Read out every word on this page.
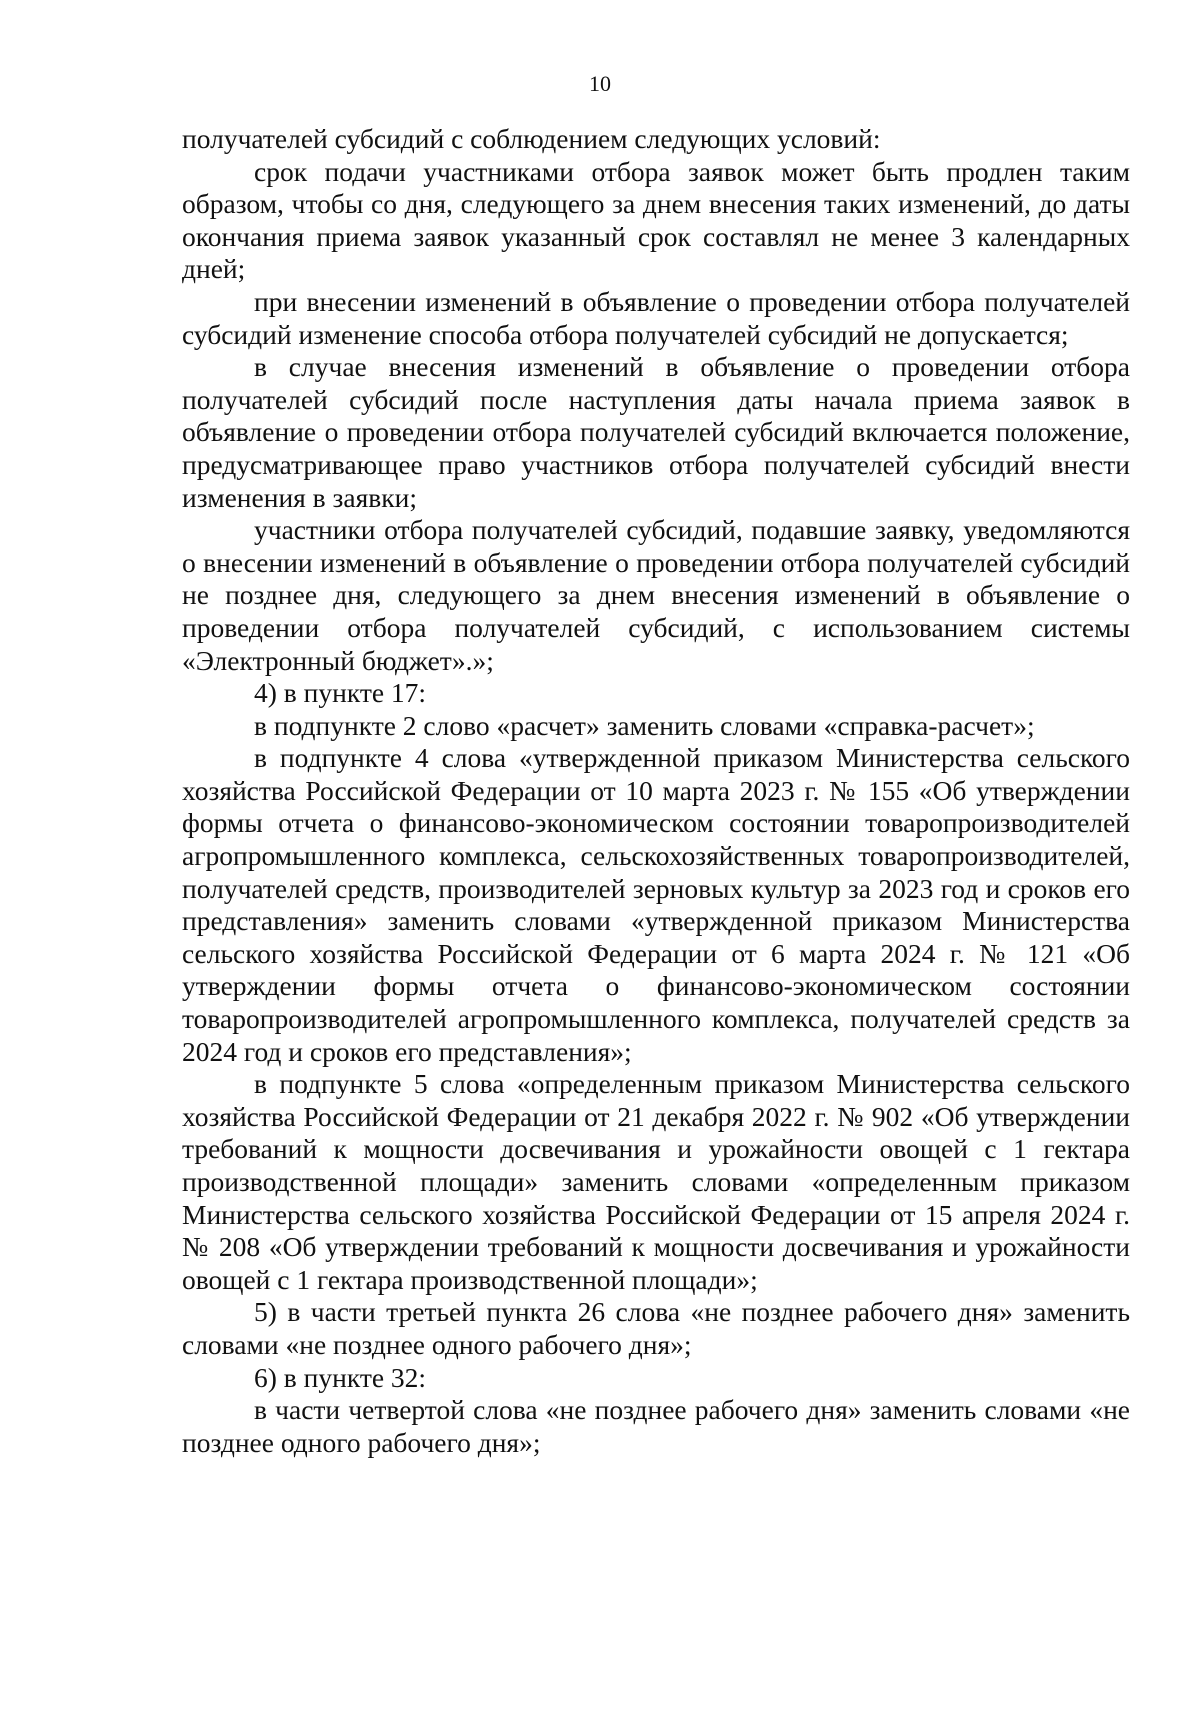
10

получателей субсидий с соблюдением следующих условий:

срок подачи участниками отбора заявок может быть продлен таким образом, чтобы со дня, следующего за днем внесения таких изменений, до даты окончания приема заявок указанный срок составлял не менее 3 календарных дней;

при внесении изменений в объявление о проведении отбора получателей субсидий изменение способа отбора получателей субсидий не допускается;

в случае внесения изменений в объявление о проведении отбора получателей субсидий после наступления даты начала приема заявок в объявление о проведении отбора получателей субсидий включается положение, предусматривающее право участников отбора получателей субсидий внести изменения в заявки;

участники отбора получателей субсидий, подавшие заявку, уведомляются о внесении изменений в объявление о проведении отбора получателей субсидий не позднее дня, следующего за днем внесения изменений в объявление о проведении отбора получателей субсидий, с использованием системы «Электронный бюджет».»;

4) в пункте 17:

в подпункте 2 слово «расчет» заменить словами «справка-расчет»;

в подпункте 4 слова «утвержденной приказом Министерства сельского хозяйства Российской Федерации от 10 марта 2023 г. № 155 «Об утверждении формы отчета о финансово-экономическом состоянии товаропроизводителей агропромышленного комплекса, сельскохозяйственных товаропроизводителей, получателей средств, производителей зерновых культур за 2023 год и сроков его представления» заменить словами «утвержденной приказом Министерства сельского хозяйства Российской Федерации от 6 марта 2024 г. № 121 «Об утверждении формы отчета о финансово-экономическом состоянии товаропроизводителей агропромышленного комплекса, получателей средств за 2024 год и сроков его представления»;

в подпункте 5 слова «определенным приказом Министерства сельского хозяйства Российской Федерации от 21 декабря 2022 г. № 902 «Об утверждении требований к мощности досвечивания и урожайности овощей с 1 гектара производственной площади» заменить словами «определенным приказом Министерства сельского хозяйства Российской Федерации от 15 апреля 2024 г. № 208 «Об утверждении требований к мощности досвечивания и урожайности овощей с 1 гектара производственной площади»;

5) в части третьей пункта 26 слова «не позднее рабочего дня» заменить словами «не позднее одного рабочего дня»;

6) в пункте 32:

в части четвертой слова «не позднее рабочего дня» заменить словами «не позднее одного рабочего дня»;
